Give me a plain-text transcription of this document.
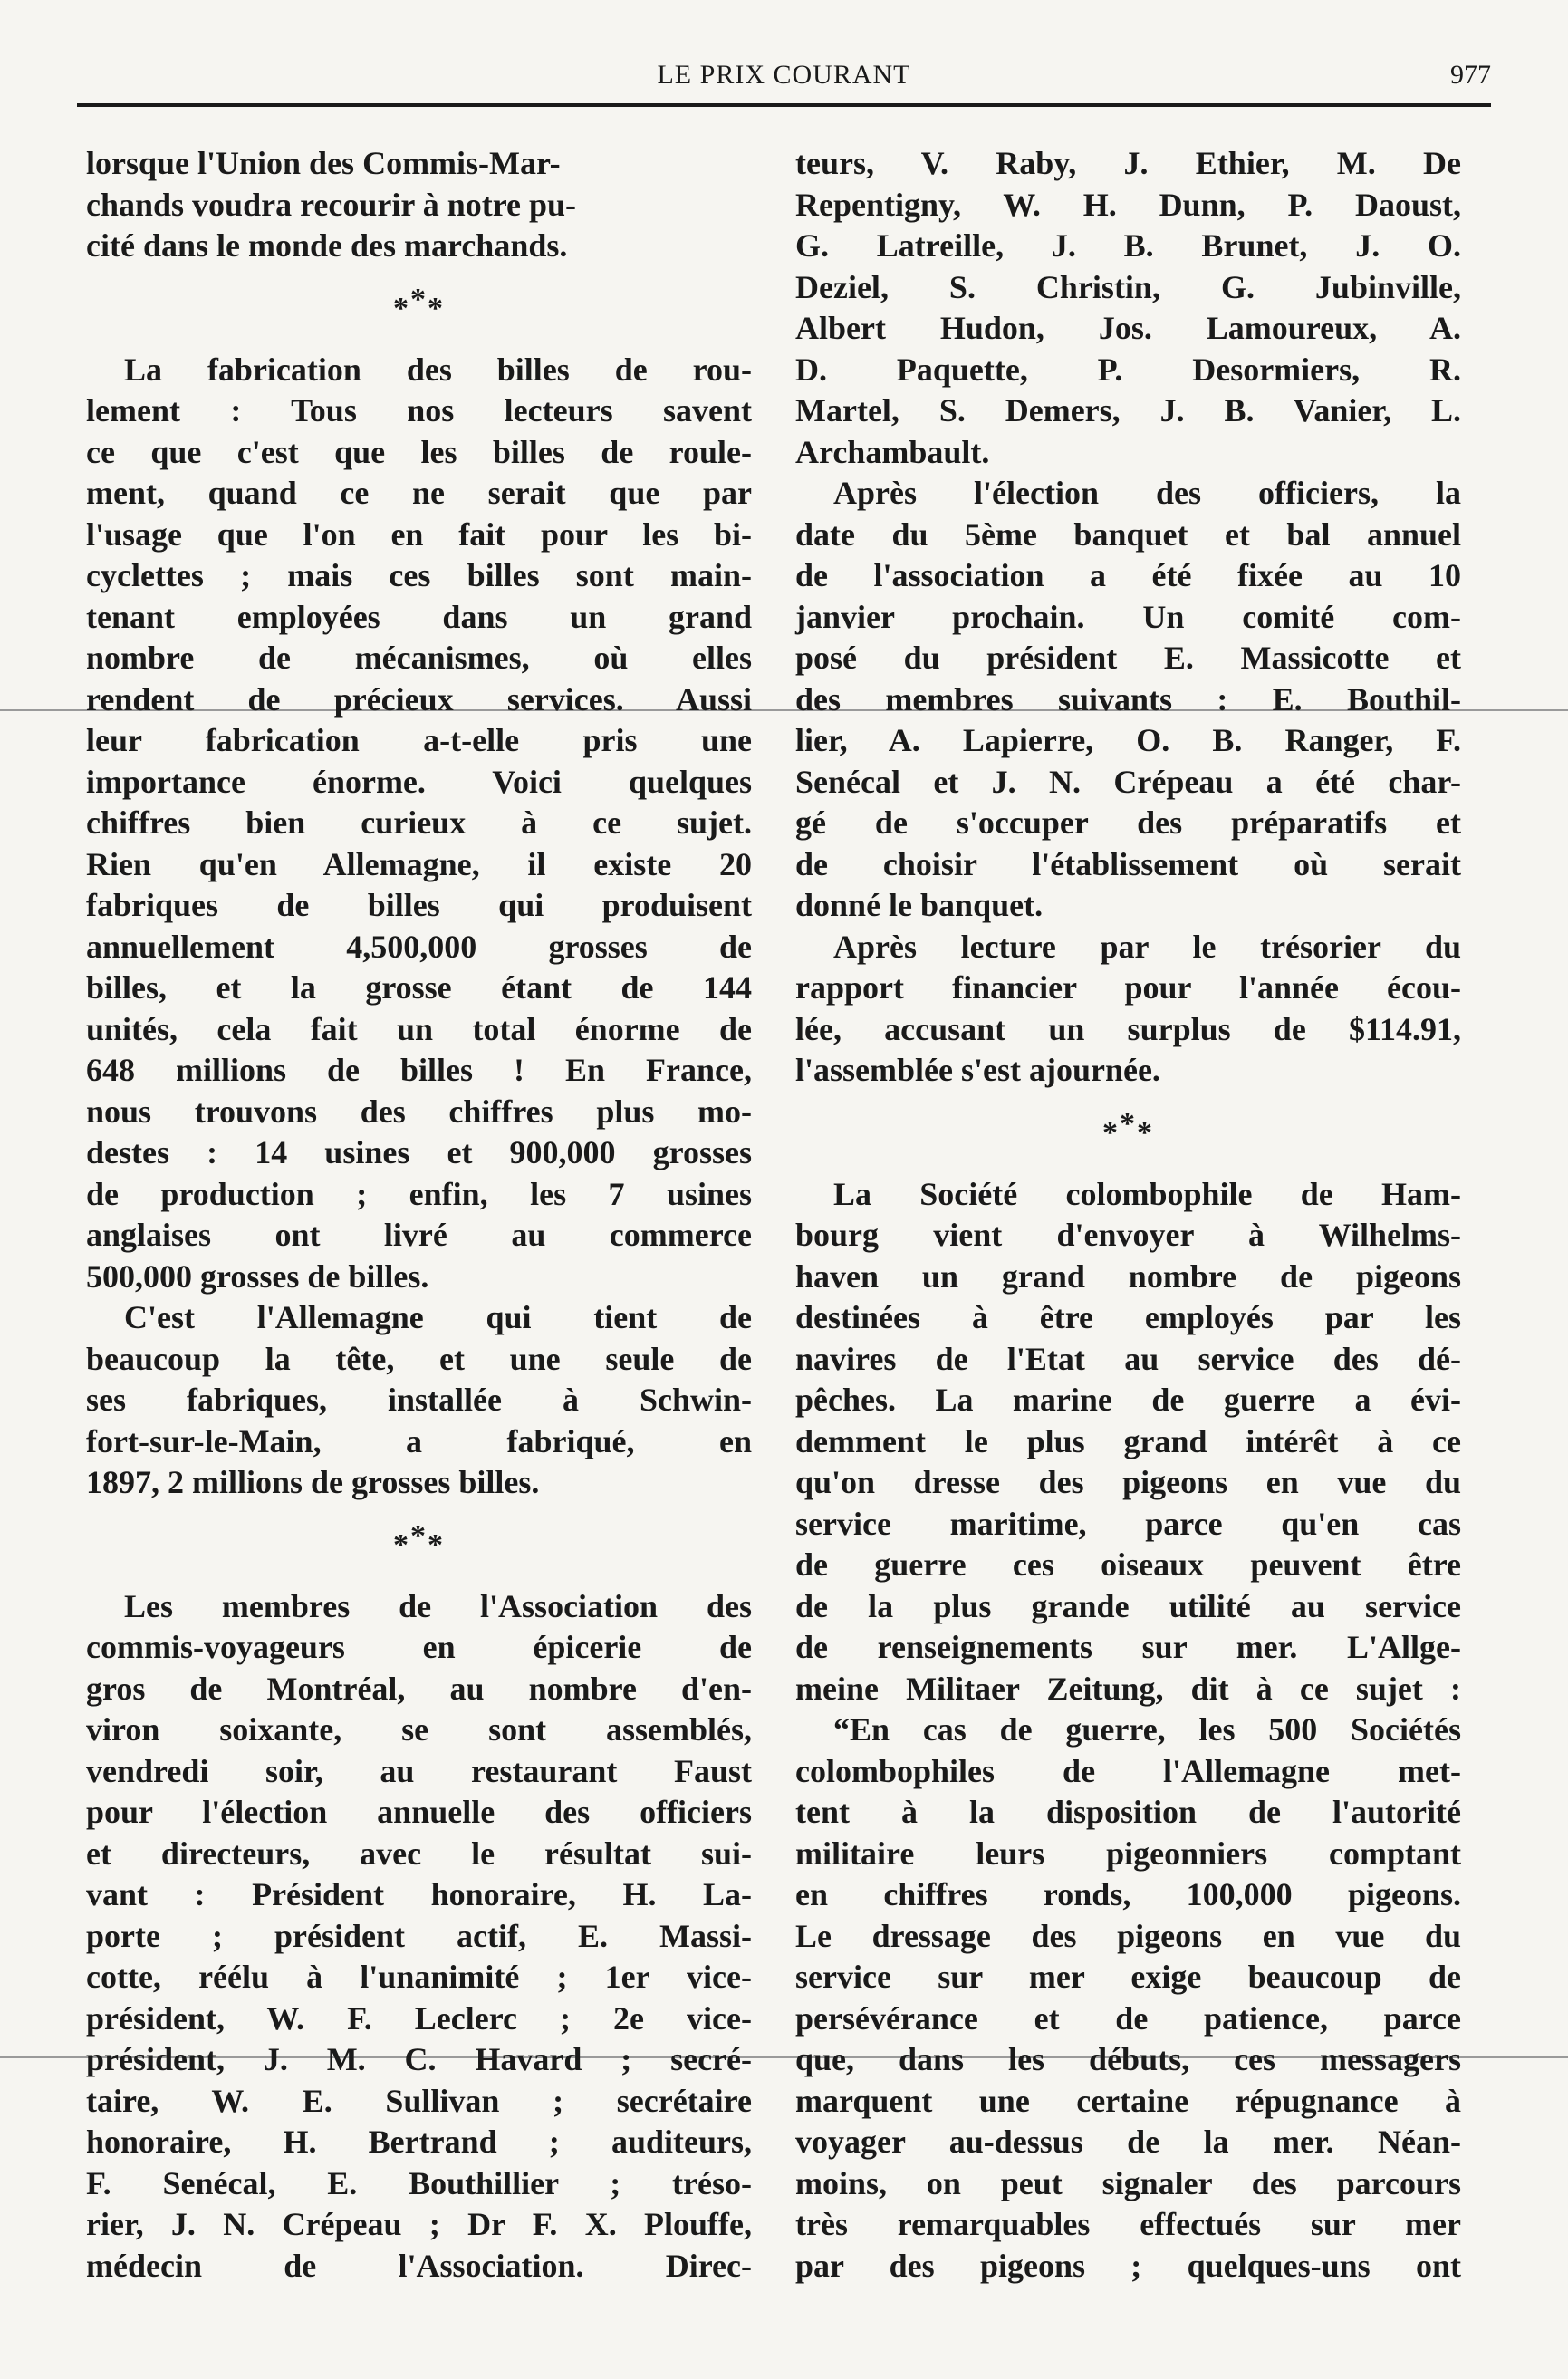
LE PRIX COURANT	977

lorsque l'Union des Commis-Mar-

chands voudra recourir à notre pu-

cité dans le monde des marchands.

***

La fabrication des billes de rou-

lement : Tous nos lecteurs savent

ce que c'est que les billes de roule-

ment, quand ce ne serait que par

l'usage que l'on en fait pour les bi-

cyclettes ; mais ces billes sont main-

tenant employées dans un grand

nombre de mécanismes, où elles

rendent de précieux services. Aussi

leur fabrication a-t-elle pris une

importance énorme. Voici quelques

chiffres bien curieux à ce sujet.

Rien qu'en Allemagne, il existe 20

fabriques de billes qui produisent

annuellement 4,500,000 grosses de

billes, et la grosse étant de 144

unités, cela fait un total énorme de

648 millions de billes ! En France,

nous trouvons des chiffres plus mo-

destes : 14 usines et 900,000 grosses

de production ; enfin, les 7 usines

anglaises ont livré au commerce

500,000 grosses de billes.

C'est l'Allemagne qui tient de

beaucoup la tête, et une seule de

ses fabriques, installée à Schwin-

fort-sur-le-Main, a fabriqué, en

1897, 2 millions de grosses billes.

***

Les membres de l'Association des

commis-voyageurs en épicerie de

gros de Montréal, au nombre d'en-

viron soixante, se sont assemblés,

vendredi soir, au restaurant Faust

pour l'élection annuelle des officiers

et directeurs, avec le résultat sui-

vant : Président honoraire, H. La-

porte ; président actif, E. Massi-

cotte, réélu à l'unanimité ; 1er vice-

président, W. F. Leclerc ; 2e vice-

président, J. M. C. Havard ; secré-

taire, W. E. Sullivan ; secrétaire

honoraire, H. Bertrand ; auditeurs,

F. Senécal, E. Bouthillier ; tréso-

rier, J. N. Crépeau ; Dr F. X. Plouffe,

médecin de l'Association. Direc-

teurs, V. Raby, J. Ethier, M. De

Repentigny, W. H. Dunn, P. Daoust,

G. Latreille, J. B. Brunet, J. O.

Deziel, S. Christin, G. Jubinville,

Albert Hudon, Jos. Lamoureux, A.

D. Paquette, P. Desormiers, R.

Martel, S. Demers, J. B. Vanier, L.

Archambault.

Après l'élection des officiers, la

date du 5ème banquet et bal annuel

de l'association a été fixée au 10

janvier prochain. Un comité com-

posé du président E. Massicotte et

des membres suivants : E. Bouthil-

lier, A. Lapierre, O. B. Ranger, F.

Senécal et J. N. Crépeau a été char-

gé de s'occuper des préparatifs et

de choisir l'établissement où serait

donné le banquet.

Après lecture par le trésorier du

rapport financier pour l'année écou-

lée, accusant un surplus de $114.91,

l'assemblée s'est ajournée.

***

La Société colombophile de Ham-

bourg vient d'envoyer à Wilhelms-

haven un grand nombre de pigeons

destinées à être employés par les

navires de l'Etat au service des dé-

pêches. La marine de guerre a évi-

demment le plus grand intérêt à ce

qu'on dresse des pigeons en vue du

service maritime, parce qu'en cas

de guerre ces oiseaux peuvent être

de la plus grande utilité au service

de renseignements sur mer. L'Allge-

meine Militaer Zeitung, dit à ce sujet :

“En cas de guerre, les 500 Sociétés

colombophiles de l'Allemagne met-

tent à la disposition de l'autorité

militaire leurs pigeonniers comptant

en chiffres ronds, 100,000 pigeons.

Le dressage des pigeons en vue du

service sur mer exige beaucoup de

persévérance et de patience, parce

que, dans les débuts, ces messagers

marquent une certaine répugnance à

voyager au-dessus de la mer. Néan-

moins, on peut signaler des parcours

très remarquables effectués sur mer

par des pigeons ; quelques-uns ont
